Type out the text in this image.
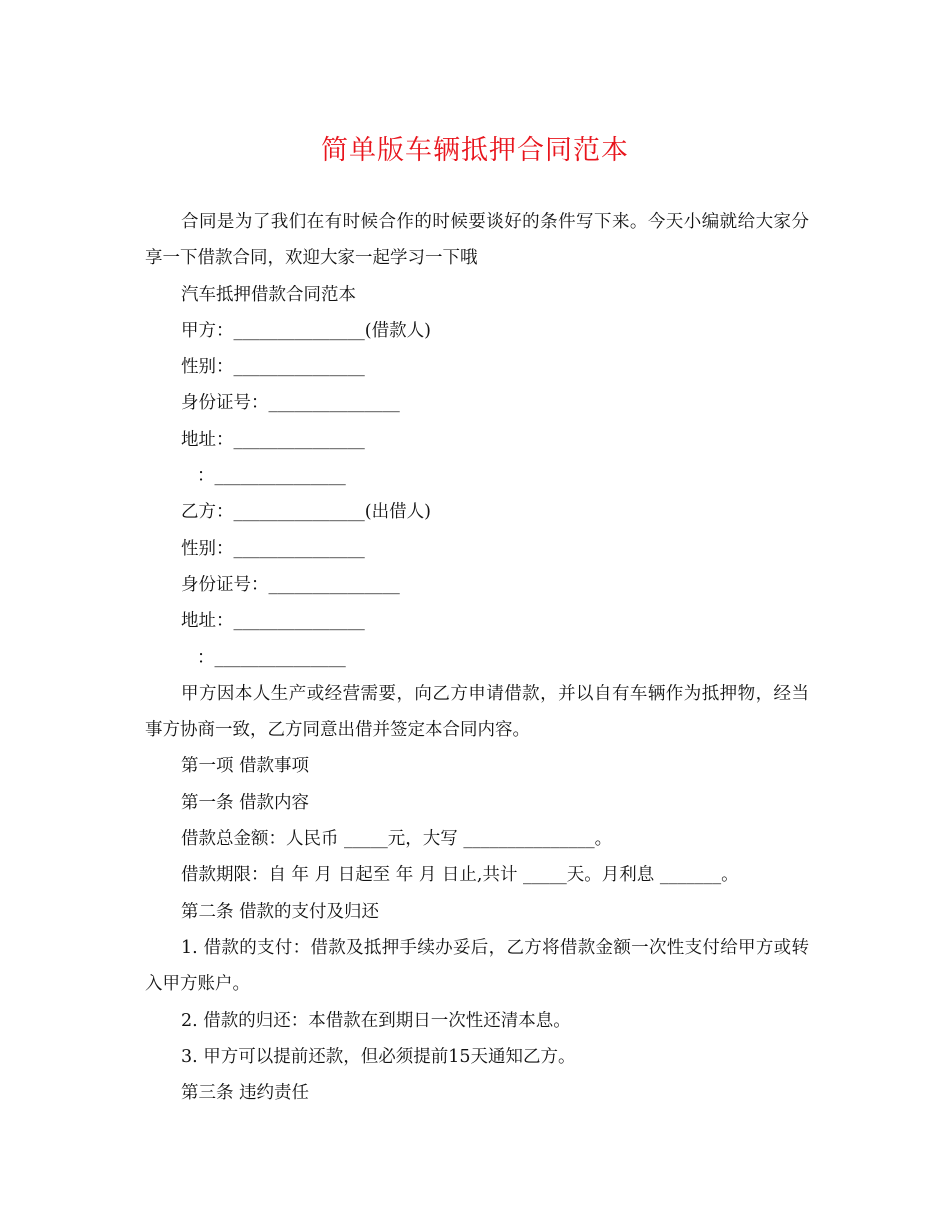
简单版车辆抵押合同范本

合同是为了我们在有时候合作的时候要谈好的条件写下来。今天小编就给大家分享一下借款合同，欢迎大家一起学习一下哦

汽车抵押借款合同范本

甲方：_______________(借款人)

性别：_______________

身份证号：_______________

地址：_______________

：_______________

乙方：_______________(出借人)

性别：_______________

身份证号：_______________

地址：_______________

：_______________

甲方因本人生产或经营需要，向乙方申请借款，并以自有车辆作为抵押物，经当事方协商一致，乙方同意出借并签定本合同内容。

第一项 借款事项

第一条 借款内容

借款总金额：人民币 _____元，大写 _______________。

借款期限：自 年 月 日起至 年 月 日止,共计 _____天。月利息 _______。

第二条 借款的支付及归还

1. 借款的支付：借款及抵押手续办妥后，乙方将借款金额一次性支付给甲方或转入甲方账户。

2. 借款的归还：本借款在到期日一次性还清本息。

3. 甲方可以提前还款，但必须提前15天通知乙方。

第三条 违约责任
